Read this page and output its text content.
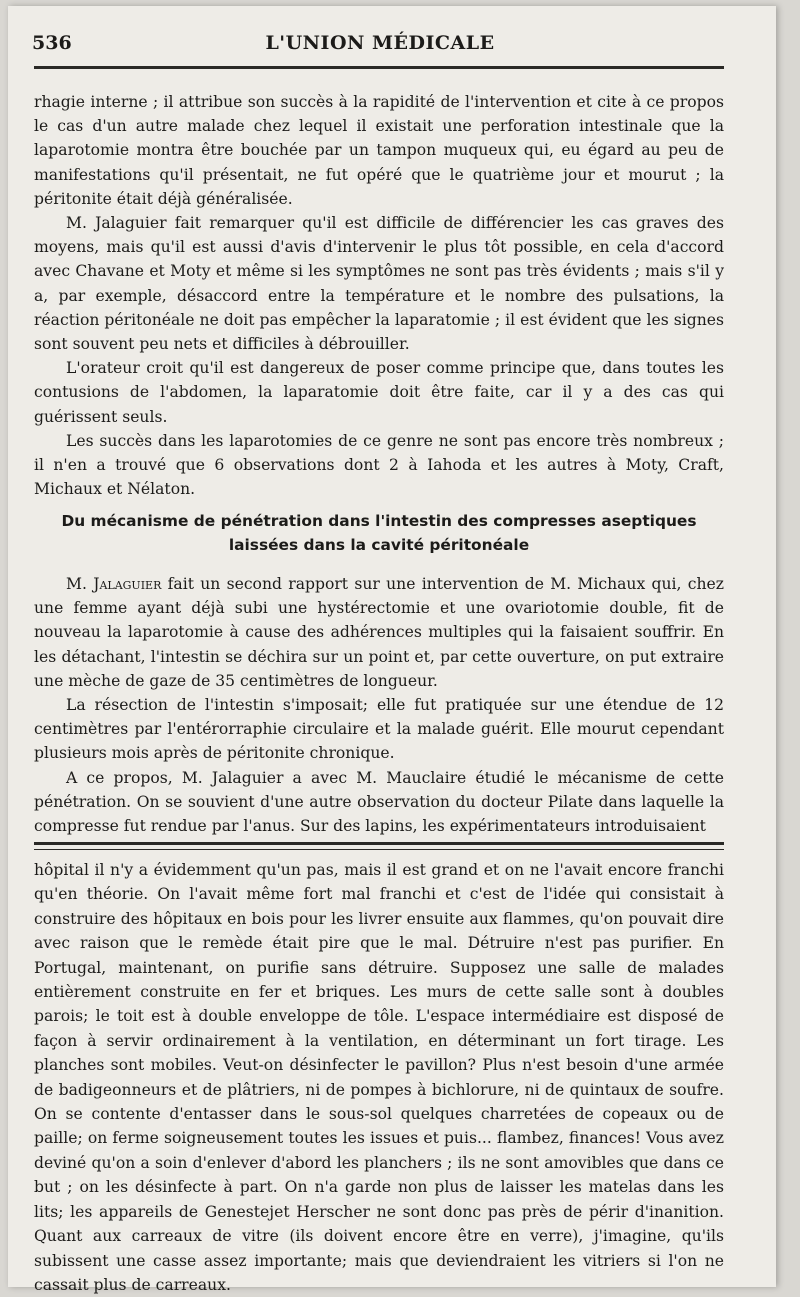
536	L'UNION MÉDICALE

rhagie interne ; il attribue son succès à la rapidité de l'intervention et cite à ce propos le cas d'un autre malade chez lequel il existait une perforation intestinale que la laparotomie montra être bouchée par un tampon muqueux qui, eu égard au peu de manifestations qu'il présentait, ne fut opéré que le quatrième jour et mourut ; la péritonite était déjà généralisée.

M. Jalaguier fait remarquer qu'il est difficile de différencier les cas graves des moyens, mais qu'il est aussi d'avis d'intervenir le plus tôt possible, en cela d'accord avec Chavane et Moty et même si les symptômes ne sont pas très évidents ; mais s'il y a, par exemple, désaccord entre la température et le nombre des pulsations, la réaction péritonéale ne doit pas empêcher la laparatomie ; il est évident que les signes sont souvent peu nets et difficiles à débrouiller.

L'orateur croit qu'il est dangereux de poser comme principe que, dans toutes les contusions de l'abdomen, la laparatomie doit être faite, car il y a des cas qui guérissent seuls.

Les succès dans les laparotomies de ce genre ne sont pas encore très nombreux ; il n'en a trouvé que 6 observations dont 2 à Iahoda et les autres à Moty, Craft, Michaux et Nélaton.

Du mécanisme de pénétration dans l'intestin des compresses aseptiques
laissées dans la cavité péritonéale

M. Jalaguier fait un second rapport sur une intervention de M. Michaux qui, chez une femme ayant déjà subi une hystérectomie et une ovariotomie double, fit de nouveau la laparotomie à cause des adhérences multiples qui la faisaient souffrir. En les détachant, l'intestin se déchira sur un point et, par cette ouverture, on put extraire une mèche de gaze de 35 centimètres de longueur.

La résection de l'intestin s'imposait; elle fut pratiquée sur une étendue de 12 centimètres par l'entérorraphie circulaire et la malade guérit. Elle mourut cependant plusieurs mois après de péritonite chronique.

A ce propos, M. Jalaguier a avec M. Mauclaire étudié le mécanisme de cette pénétration. On se souvient d'une autre observation du docteur Pilate dans laquelle la compresse fut rendue par l'anus. Sur des lapins, les expérimentateurs introduisaient

hôpital il n'y a évidemment qu'un pas, mais il est grand et on ne l'avait encore franchi qu'en théorie. On l'avait même fort mal franchi et c'est de l'idée qui consistait à construire des hôpitaux en bois pour les livrer ensuite aux flammes, qu'on pouvait dire avec raison que le remède était pire que le mal. Détruire n'est pas purifier. En Portugal, maintenant, on purifie sans détruire. Supposez une salle de malades entièrement construite en fer et briques. Les murs de cette salle sont à doubles parois; le toit est à double enveloppe de tôle. L'espace intermédiaire est disposé de façon à servir ordinairement à la ventilation, en déterminant un fort tirage. Les planches sont mobiles. Veut-on désinfecter le pavillon? Plus n'est besoin d'une armée de badigeonneurs et de plâtriers, ni de pompes à bichlorure, ni de quintaux de soufre. On se contente d'entasser dans le sous-sol quelques charretées de copeaux ou de paille; on ferme soigneusement toutes les issues et puis... flambez, finances! Vous avez deviné qu'on a soin d'enlever d'abord les planchers ; ils ne sont amovibles que dans ce but ; on les désinfecte à part. On n'a garde non plus de laisser les matelas dans les lits; les appareils de Genestejet Herscher ne sont donc pas près de périr d'inanition. Quant aux carreaux de vitre (ils doivent encore être en verre), j'imagine, qu'ils subissent une casse assez importante; mais que deviendraient les vitriers si l'on ne cassait plus de carreaux.
